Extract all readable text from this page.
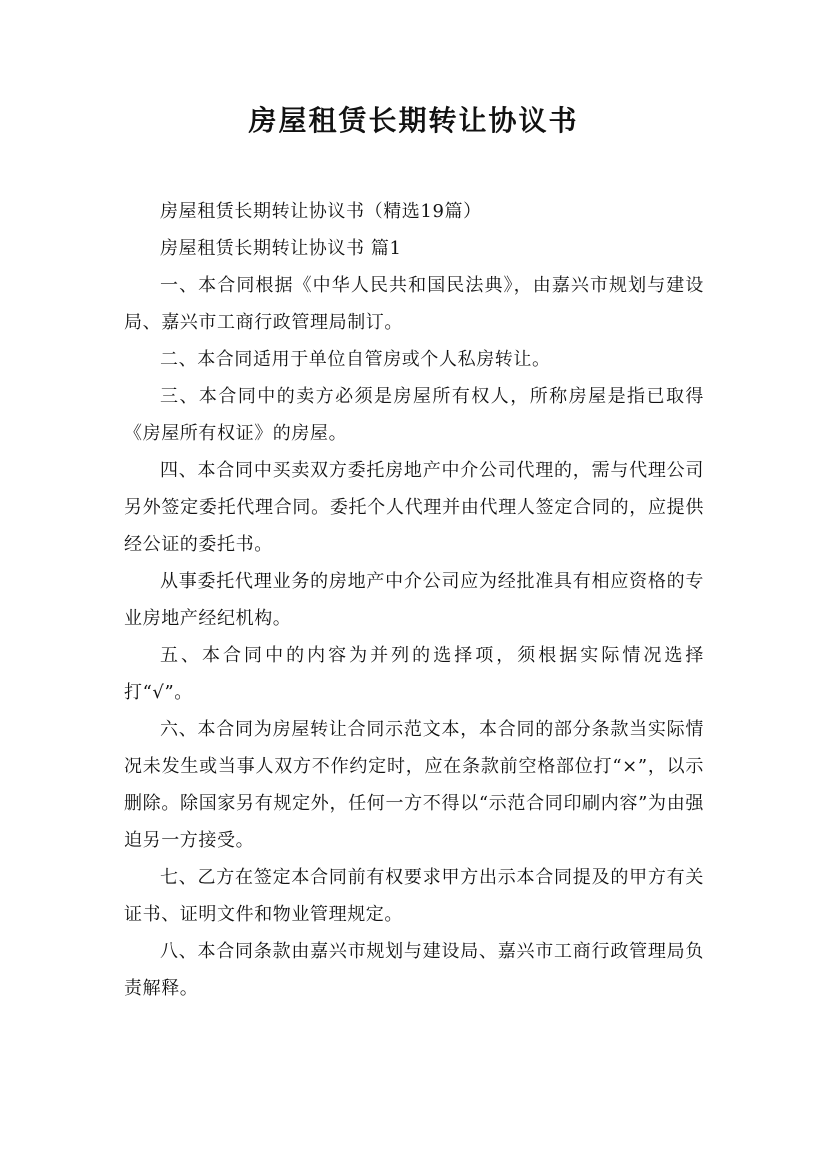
房屋租赁长期转让协议书

房屋租赁长期转让协议书（精选19篇）

房屋租赁长期转让协议书 篇1

一、本合同根据《中华人民共和国民法典》，由嘉兴市规划与建设局、嘉兴市工商行政管理局制订。

二、本合同适用于单位自管房或个人私房转让。

三、本合同中的卖方必须是房屋所有权人，所称房屋是指已取得《房屋所有权证》的房屋。

四、本合同中买卖双方委托房地产中介公司代理的，需与代理公司另外签定委托代理合同。委托个人代理并由代理人签定合同的，应提供经公证的委托书。

从事委托代理业务的房地产中介公司应为经批准具有相应资格的专业房地产经纪机构。

五、本合同中的内容为并列的选择项，须根据实际情况选择打“√”。

六、本合同为房屋转让合同示范文本，本合同的部分条款当实际情况未发生或当事人双方不作约定时，应在条款前空格部位打“×”，以示删除。除国家另有规定外，任何一方不得以“示范合同印刷内容”为由强迫另一方接受。

七、乙方在签定本合同前有权要求甲方出示本合同提及的甲方有关证书、证明文件和物业管理规定。

八、本合同条款由嘉兴市规划与建设局、嘉兴市工商行政管理局负责解释。
